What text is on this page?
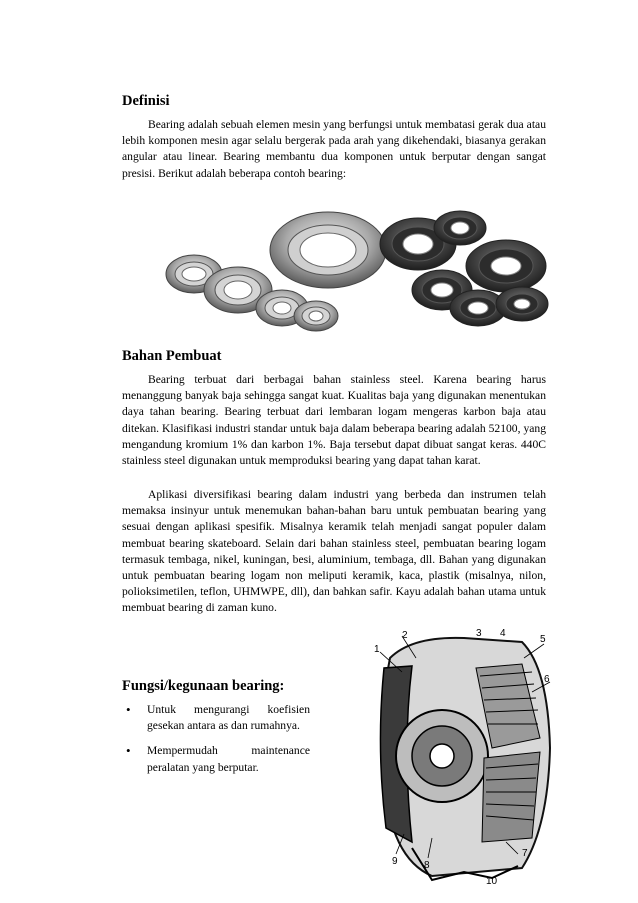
Definisi

Bearing adalah sebuah elemen mesin yang berfungsi untuk membatasi gerak dua atau lebih komponen mesin agar selalu bergerak pada arah yang dikehendaki, biasanya gerakan angular atau linear. Bearing membantu dua komponen untuk berputar dengan sangat presisi. Berikut adalah beberapa contoh bearing:

Bahan Pembuat

Bearing terbuat dari berbagai bahan stainless steel. Karena bearing harus menanggung banyak baja sehingga sangat kuat. Kualitas baja yang digunakan menentukan daya tahan bearing. Bearing terbuat dari lembaran logam mengeras karbon baja atau ditekan. Klasifikasi industri standar untuk baja dalam beberapa bearing adalah 52100, yang mengandung kromium 1% dan karbon 1%. Baja tersebut dapat dibuat sangat keras. 440C stainless steel digunakan untuk memproduksi bearing yang dapat tahan karat.

Aplikasi diversifikasi bearing dalam industri yang berbeda dan instrumen telah memaksa insinyur untuk menemukan bahan-bahan baru untuk pembuatan bearing yang sesuai dengan aplikasi spesifik. Misalnya keramik telah menjadi sangat populer dalam membuat bearing skateboard. Selain dari bahan stainless steel, pembuatan bearing logam termasuk tembaga, nikel, kuningan, besi, aluminium, tembaga, dll. Bahan yang digunakan untuk pembuatan bearing logam non meliputi keramik, kaca, plastik (misalnya, nilon, polioksimetilen, teflon, UHMWPE, dll), dan bahkan safir. Kayu adalah bahan utama untuk membuat bearing di zaman kuno.

Fungsi/kegunaan bearing:
• Untuk mengurangi koefisien gesekan antara as dan rumahnya.
• Mempermudah maintenance peralatan yang berputar.
1
2	3 4
5
6
7
8
9
10
